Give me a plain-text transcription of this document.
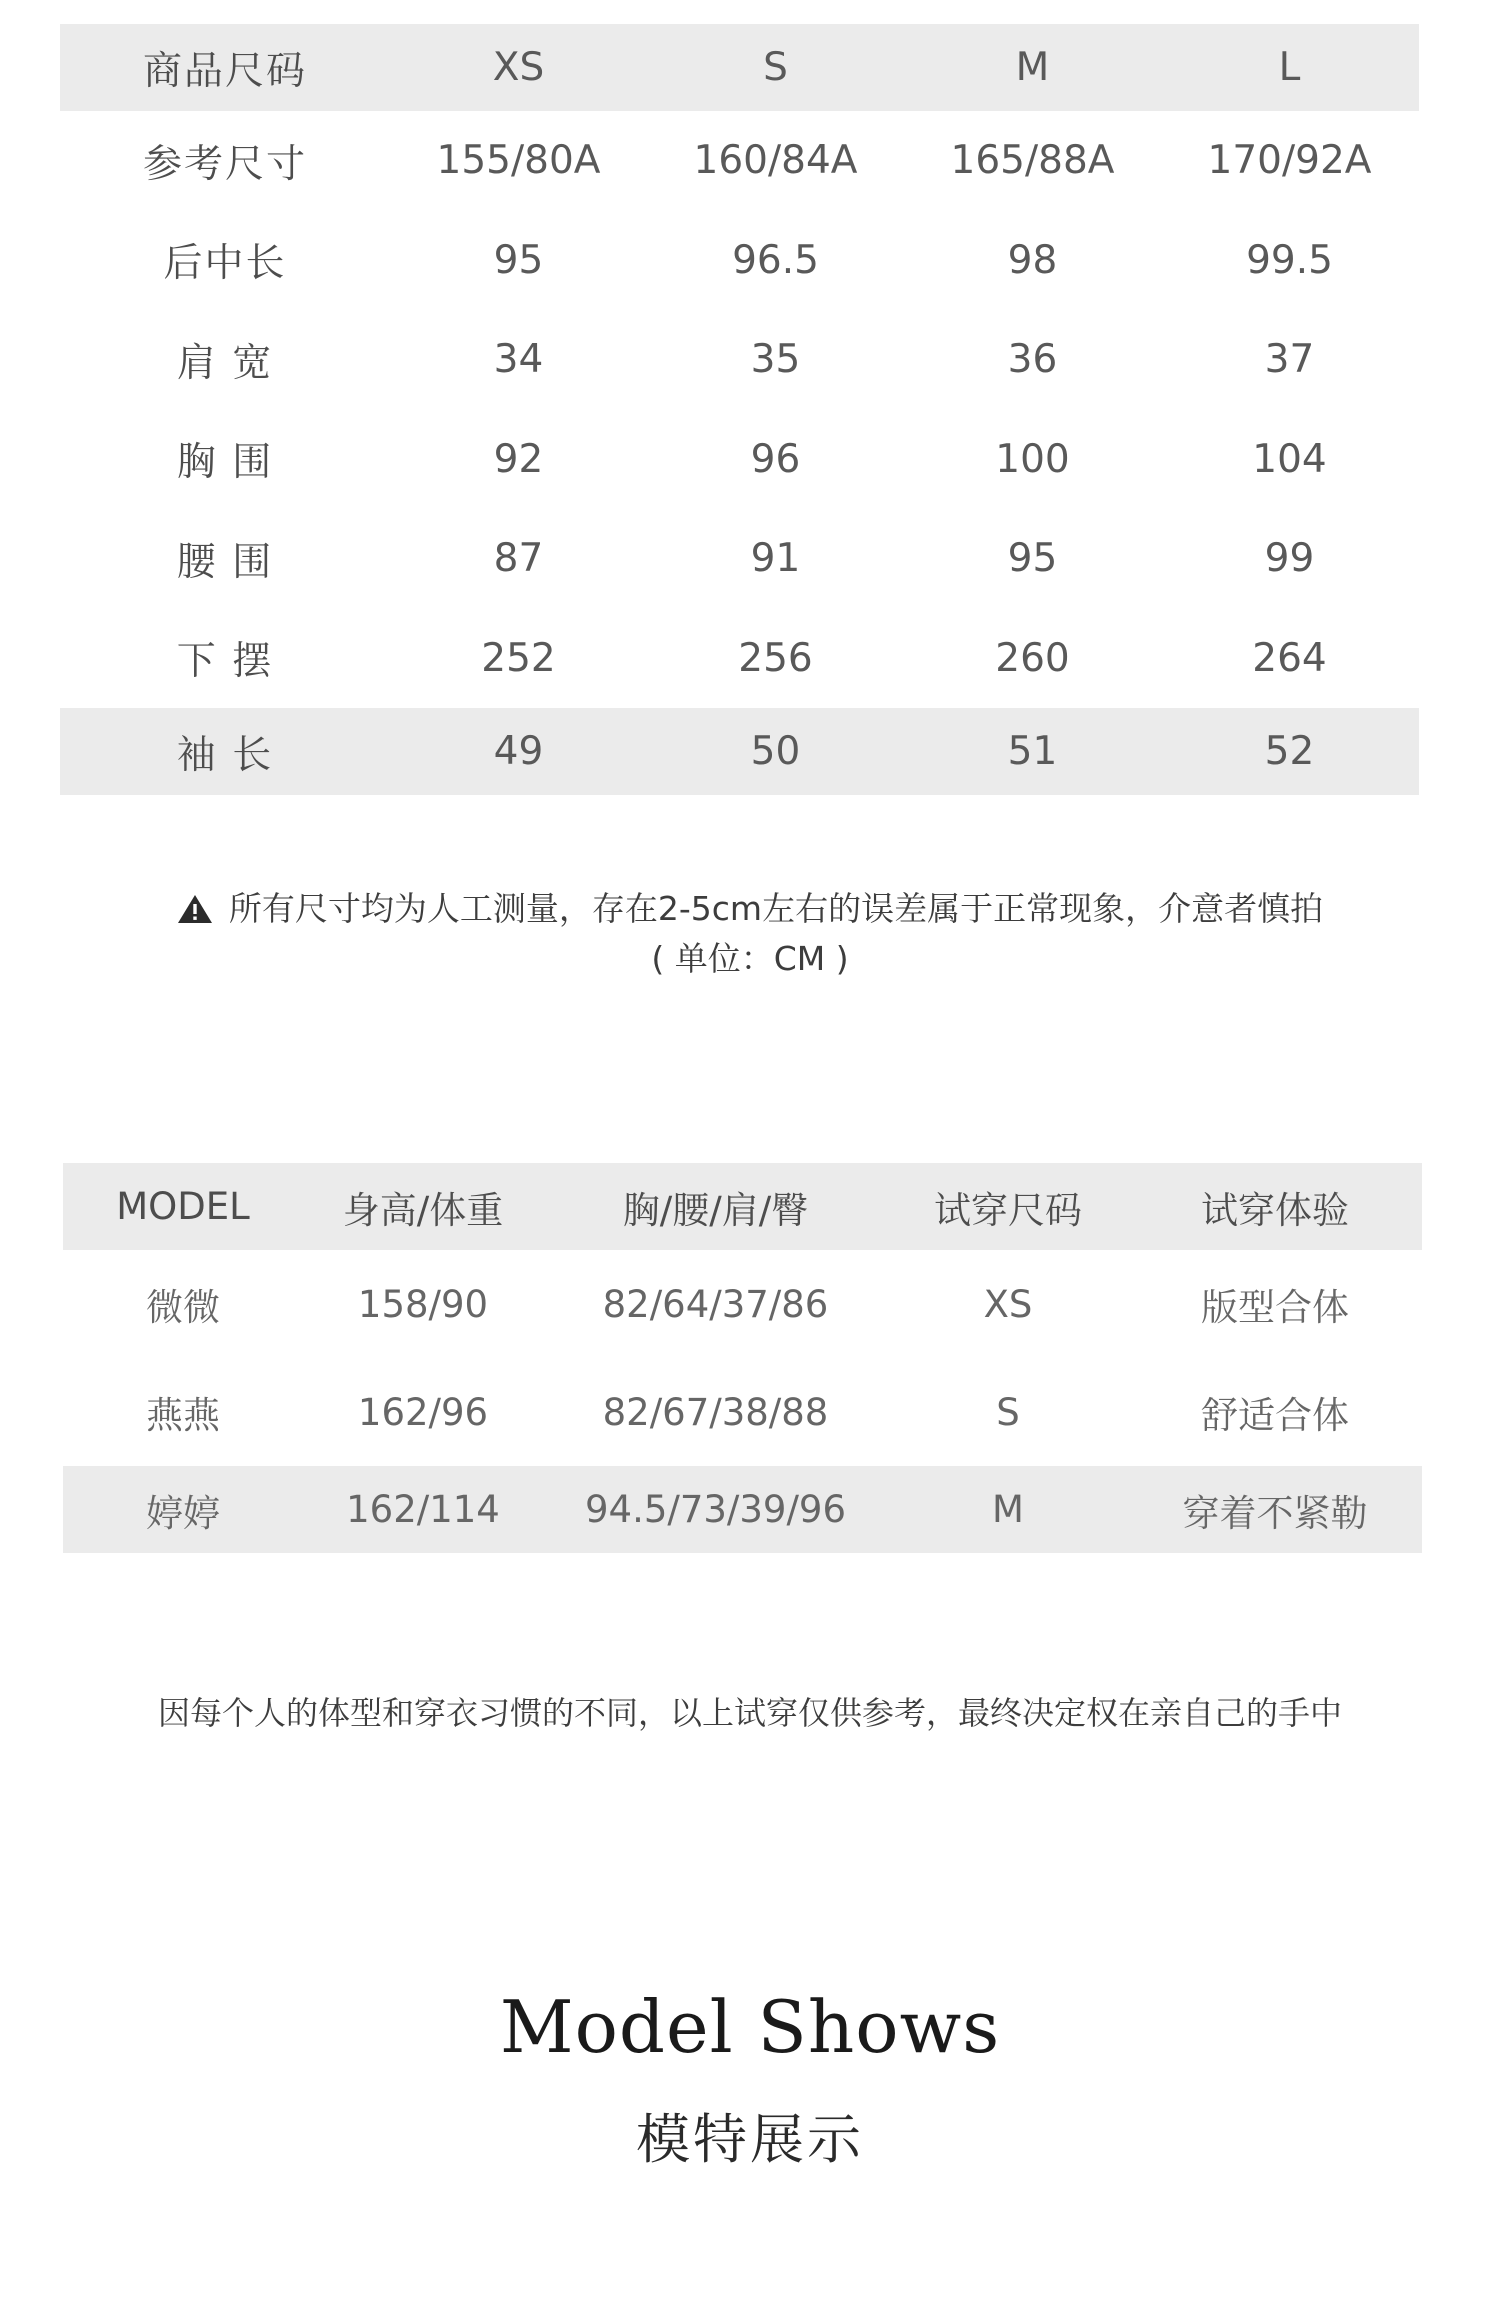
商品尺码	XS	S	M	L
参考尺寸	155/80A	160/84A	165/88A	170/92A
后中长	95	96.5	98	99.5
肩 宽	34	35	36	37
胸 围	92	96	100	104
腰 围	87	91	95	99
下 摆	252	256	260	264
袖 长	49	50	51	52
所有尺寸均为人工测量，存在2-5cm左右的误差属于正常现象，介意者慎拍
( 单位：CM )
MODEL	身高/体重	胸/腰/肩/臀	试穿尺码	试穿体验
微微	158/90	82/64/37/86	XS	版型合体
燕燕	162/96	82/67/38/88	S	舒适合体
婷婷	162/114	94.5/73/39/96	M	穿着不紧勒
因每个人的体型和穿衣习惯的不同，以上试穿仅供参考，最终决定权在亲自己的手中
Model Shows
模特展示
